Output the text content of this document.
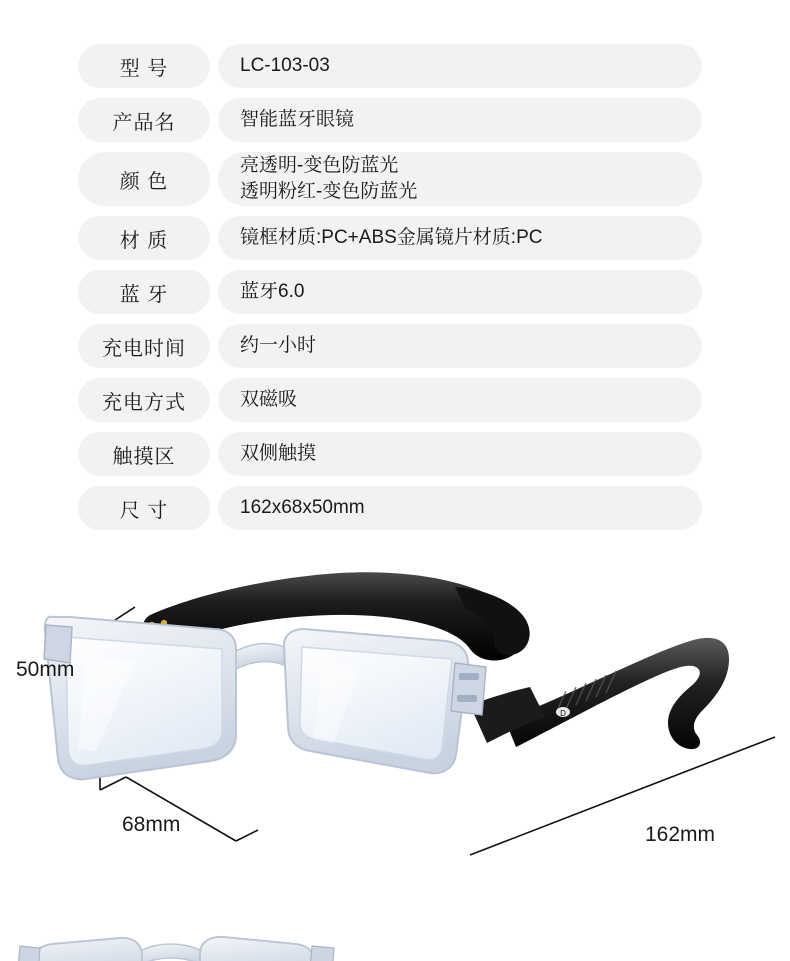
型 号	LC-103-03
产品名	智能蓝牙眼镜
颜 色
亮透明-变色防蓝光
透明粉红-变色防蓝光
材 质	镜框材质:PC+ABS金属镜片材质:PC
蓝 牙	蓝牙6.0
充电时间	约一小时
充电方式	双磁吸
触摸区	双侧触摸
尺 寸	162x68x50mm
D
50mm
68mm	162mm
